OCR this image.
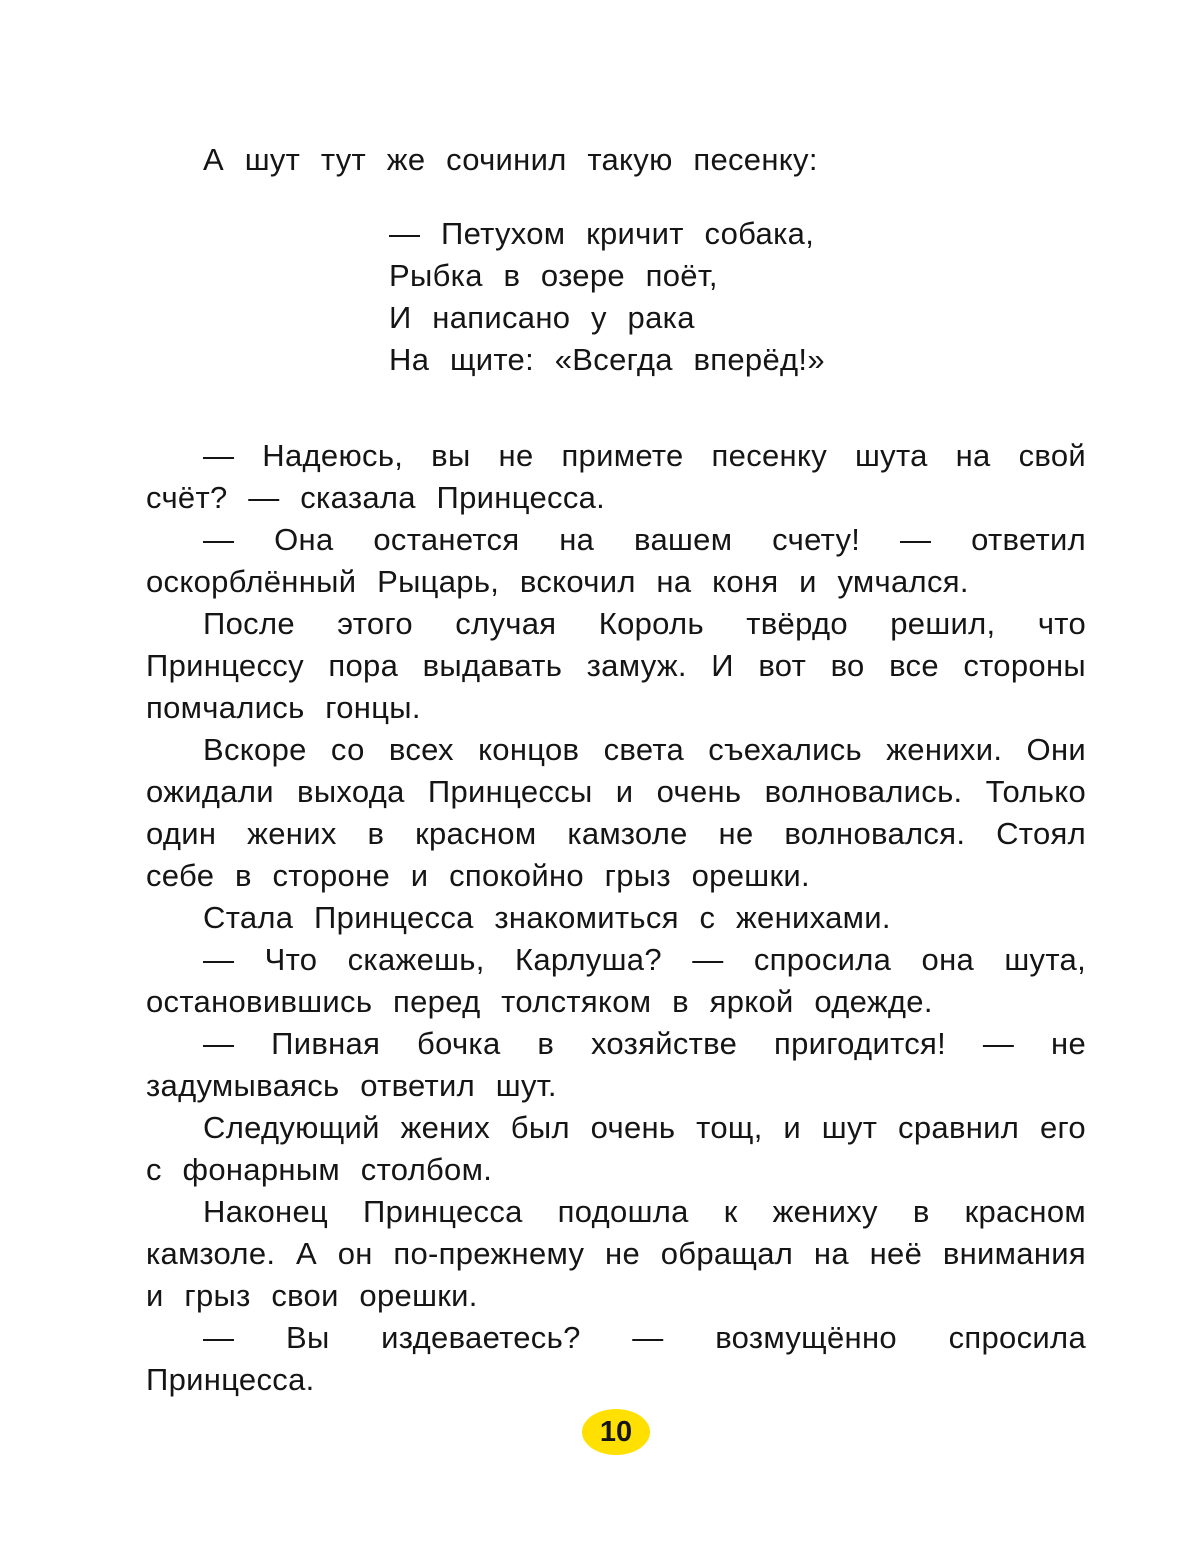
А шут тут же сочинил такую песенку:

— Петухом кричит собака,
Рыбка в озере поёт,
И написано у рака
На щите: «Всегда вперёд!»

— Надеюсь, вы не примете песенку шута на свой счёт? — сказала Принцесса.

— Она останется на вашем счету! — ответил оскорблённый Рыцарь, вскочил на коня и умчался.

После этого случая Король твёрдо решил, что Принцессу пора выдавать замуж. И вот во все стороны помчались гонцы.

Вскоре со всех концов света съехались женихи. Они ожидали выхода Принцессы и очень волновались. Только один жених в красном камзоле не волновался. Стоял себе в стороне и спокойно грыз орешки.

Стала Принцесса знакомиться с женихами.

— Что скажешь, Карлуша? — спросила она шута, остановившись перед толстяком в яркой одежде.

— Пивная бочка в хозяйстве пригодится! — не задумываясь ответил шут.

Следующий жених был очень тощ, и шут сравнил его с фонарным столбом.

Наконец Принцесса подошла к жениху в красном камзоле. А он по-прежнему не обращал на неё внимания и грыз свои орешки.

— Вы издеваетесь? — возмущённо спросила Принцесса.

10
